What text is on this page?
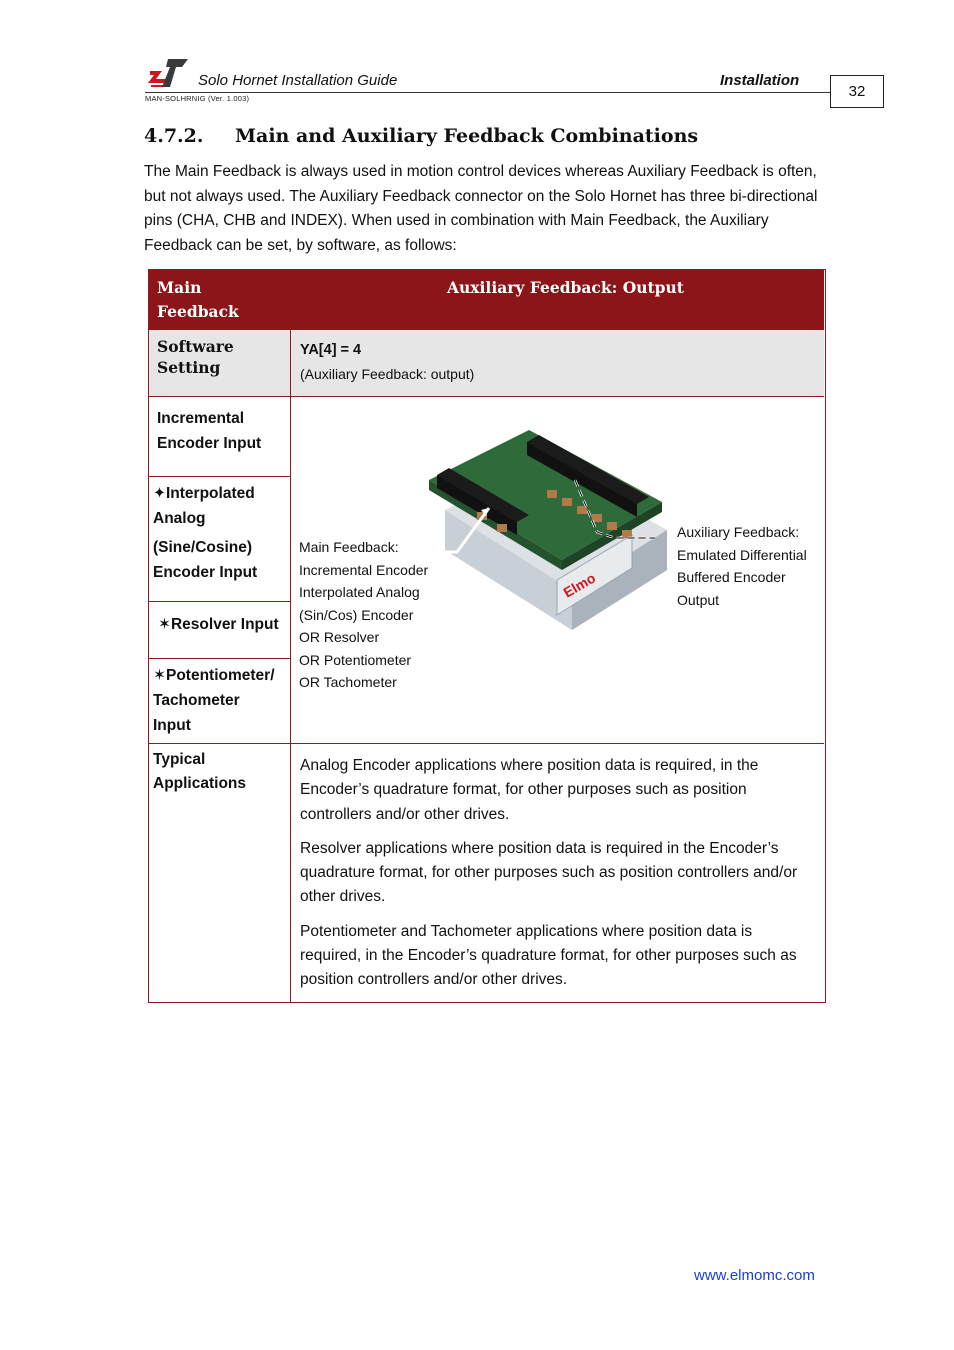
Solo Hornet Installation Guide	Installation
MAN-SOLHRNIG (Ver. 1.003)	32
4.7.2. Main and Auxiliary Feedback Combinations
The Main Feedback is always used in motion control devices whereas Auxiliary Feedback is often, but not always used. The Auxiliary Feedback connector on the Solo Hornet has three bi-directional pins (CHA, CHB and INDEX). When used in combination with Main Feedback, the Auxiliary Feedback can be set, by software, as follows:
Main
Feedback
Auxiliary Feedback: Output
Software
Setting
YA[4] = 4
(Auxiliary Feedback: output)
Incremental
Encoder Input
✦Interpolated
Analog
(Sine/Cosine)
Encoder Input
✶Resolver Input
✶Potentiometer/
Tachometer
Input
Elmo
Main Feedback:
Incremental Encoder
Interpolated Analog
(Sin/Cos) Encoder
OR Resolver
OR Potentiometer
OR Tachometer
Auxiliary Feedback:
Emulated Differential
Buffered Encoder
Output
Typical
Applications

Analog Encoder applications where position data is required, in the Encoder’s quadrature format, for other purposes such as position controllers and/or other drives.

Resolver applications where position data is required in the Encoder’s quadrature format, for other purposes such as position controllers and/or other drives.

Potentiometer and Tachometer applications where position data is required, in the Encoder’s quadrature format, for other purposes such as position controllers and/or other drives.

www.elmomc.com
